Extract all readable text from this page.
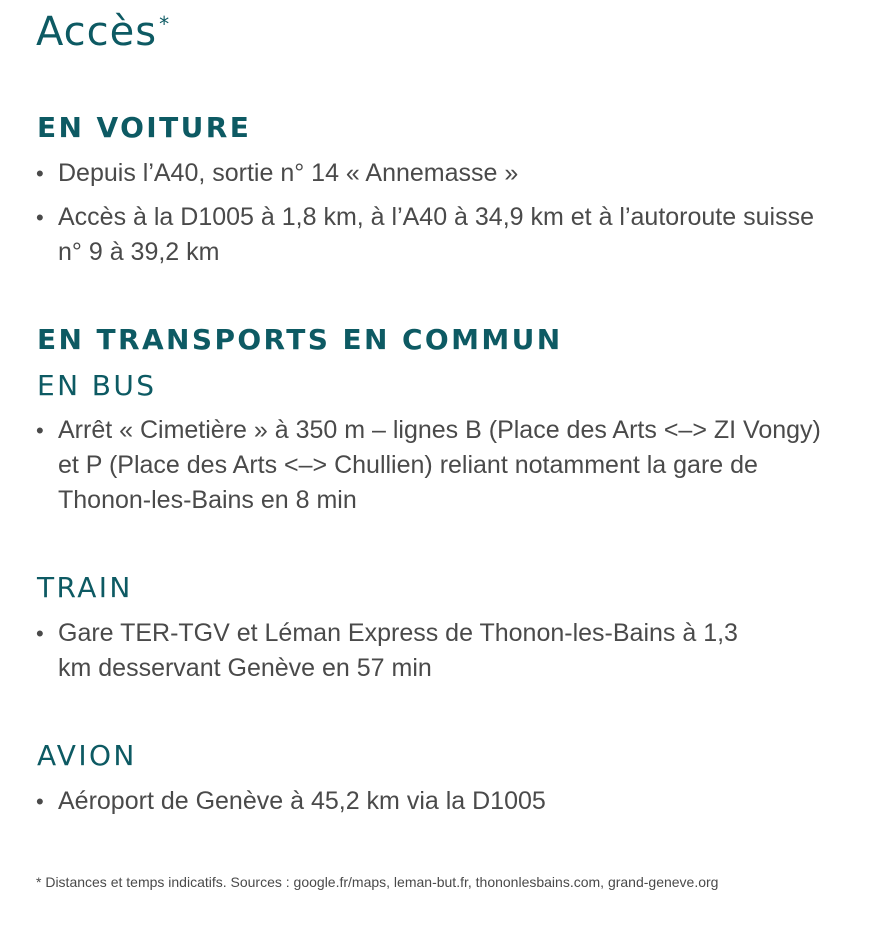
Accès *
EN VOITURE
• Depuis l’A40, sortie n° 14 « Annemasse »
• Accès à la D1005 à 1,8 km, à l’A40 à 34,9 km et à l’autoroute suisse n° 9 à 39,2 km
EN TRANSPORTS EN COMMUN
EN BUS
• Arrêt « Cimetière » à 350 m – lignes B (Place des Arts <–> ZI Vongy) et P (Place des Arts <–> Chullien) reliant notamment la gare de Thonon-les-Bains en 8 min
TRAIN
• Gare TER-TGV et Léman Express de Thonon-les-Bains à 1,3 km desservant Genève en 57 min
AVION
• Aéroport de Genève à 45,2 km via la D1005
* Distances et temps indicatifs. Sources : google.fr/maps, leman-but.fr, thononlesbains.com, grand-geneve.org
